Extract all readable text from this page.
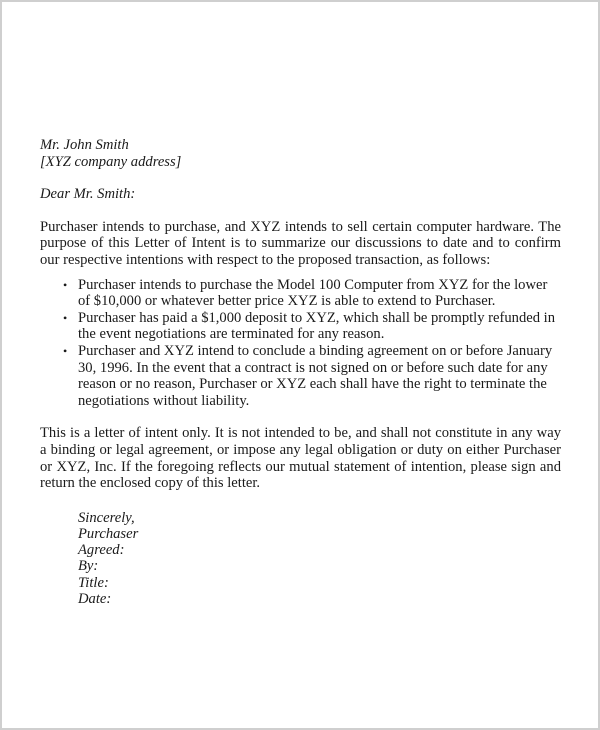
Mr. John Smith
[XYZ company address]
Dear Mr. Smith:

Purchaser intends to purchase, and XYZ intends to sell certain computer hardware. The purpose of this Letter of Intent is to summarize our discussions to date and to confirm our respective intentions with respect to the proposed transaction, as follows:

• Purchaser intends to purchase the Model 100 Computer from XYZ for the lower of $10,000 or whatever better price XYZ is able to extend to Purchaser.
• Purchaser has paid a $1,000 deposit to XYZ, which shall be promptly refunded in the event negotiations are terminated for any reason.
• Purchaser and XYZ intend to conclude a binding agreement on or before January 30, 1996. In the event that a contract is not signed on or before such date for any reason or no reason, Purchaser or XYZ each shall have the right to terminate the negotiations without liability.

This is a letter of intent only. It is not intended to be, and shall not constitute in any way a binding or legal agreement, or impose any legal obligation or duty on either Purchaser or XYZ, Inc. If the foregoing reflects our mutual statement of intention, please sign and return the enclosed copy of this letter.

Sincerely,
Purchaser
Agreed:
By:
Title:
Date:
